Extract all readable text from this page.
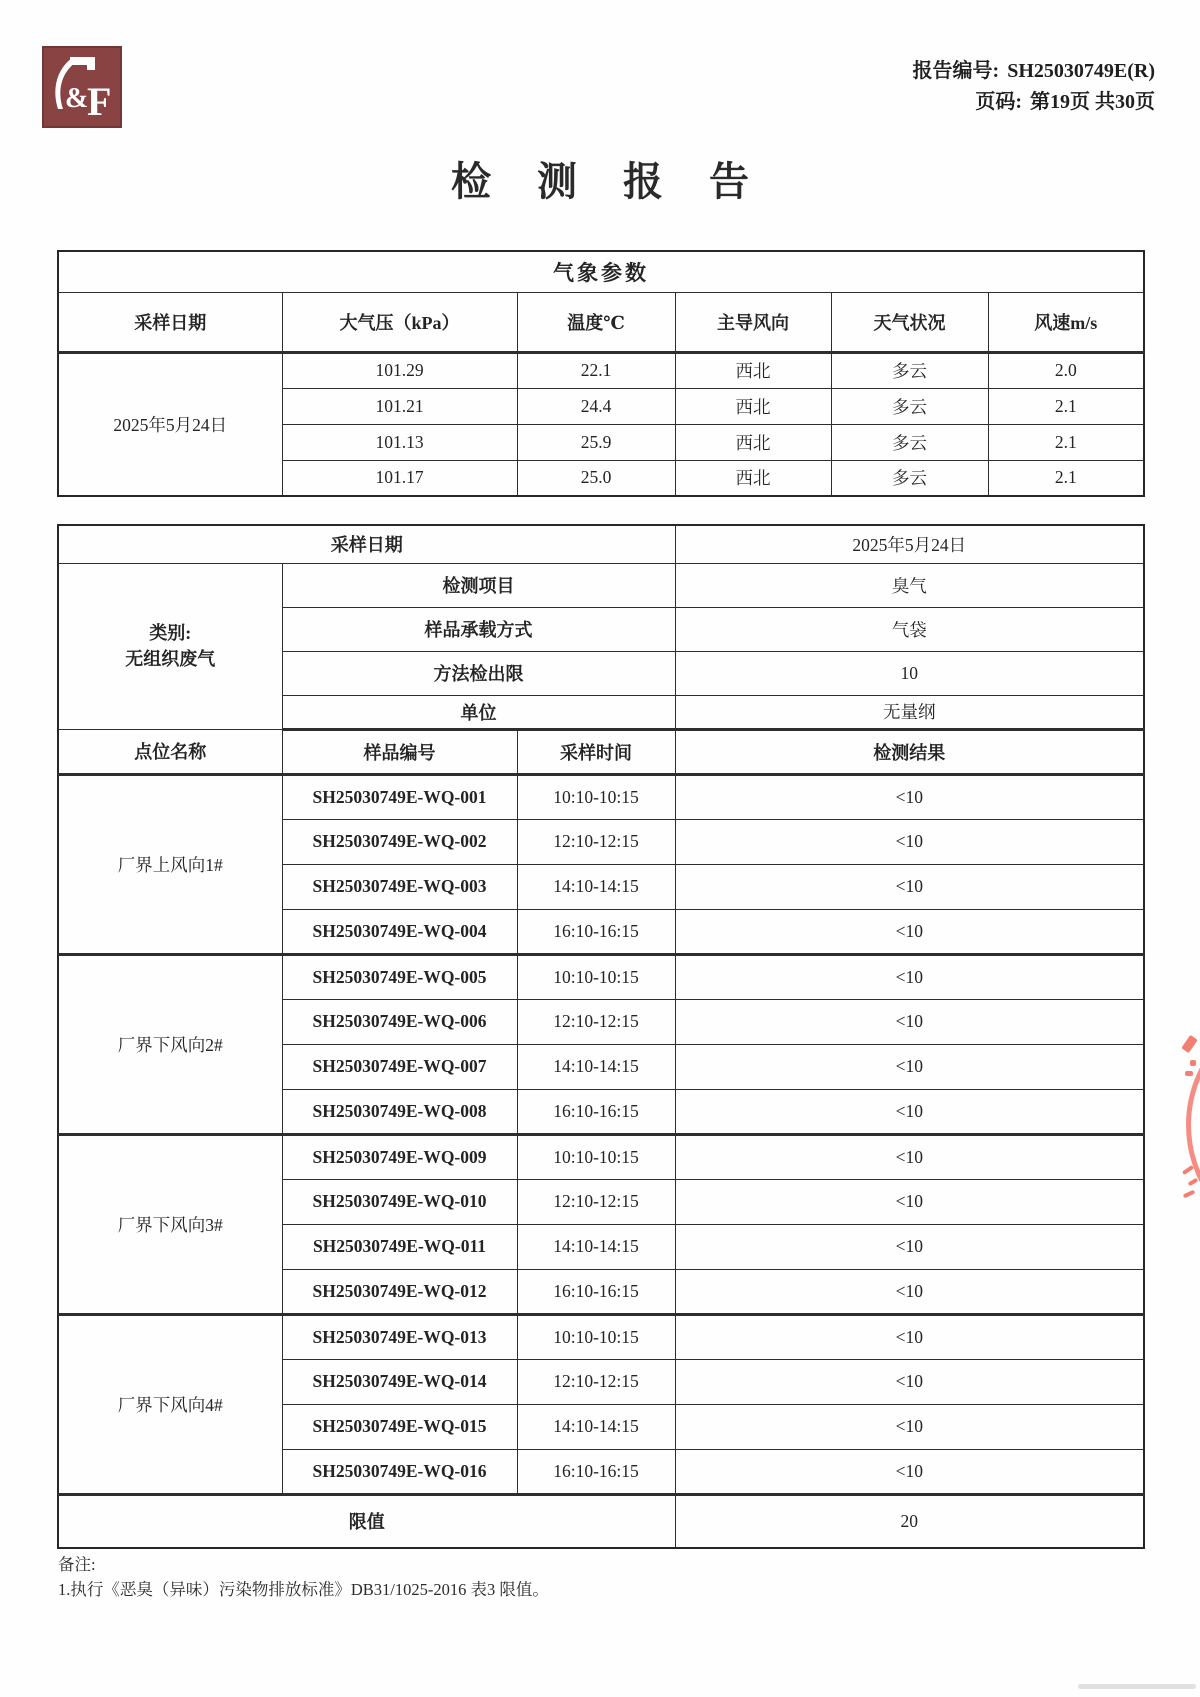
&
F
报告编号: SH25030749E(R)
页码: 第19页 共30页
检 测 报 告
气象参数					
采样日期	大气压（kPa）	温度℃	主导风向	天气状况	风速m/s
2025年5月24日	101.29	22.1	西北	多云	2.0
	101.21	24.4	西北	多云	2.1
	101.13	25.9	西北	多云	2.1
	101.17	25.0	西北	多云	2.1
采样日期			2025年5月24日

类别:
无组织废气	检测项目		臭气
	样品承载方式		气袋
	方法检出限		10
	单位		无量纲
点位名称	样品编号	采样时间	检测结果
厂界上风向1#	SH25030749E-WQ-001	10:10-10:15	<10
	SH25030749E-WQ-002	12:10-12:15	<10
	SH25030749E-WQ-003	14:10-14:15	<10
	SH25030749E-WQ-004	16:10-16:15	<10
厂界下风向2#	SH25030749E-WQ-005	10:10-10:15	<10
	SH25030749E-WQ-006	12:10-12:15	<10
	SH25030749E-WQ-007	14:10-14:15	<10
	SH25030749E-WQ-008	16:10-16:15	<10
厂界下风向3#	SH25030749E-WQ-009	10:10-10:15	<10
	SH25030749E-WQ-010	12:10-12:15	<10
	SH25030749E-WQ-011	14:10-14:15	<10
	SH25030749E-WQ-012	16:10-16:15	<10
厂界下风向4#	SH25030749E-WQ-013	10:10-10:15	<10
	SH25030749E-WQ-014	12:10-12:15	<10
	SH25030749E-WQ-015	14:10-14:15	<10
	SH25030749E-WQ-016	16:10-16:15	<10
限值			20
备注:
1.执行《恶臭（异味）污染物排放标准》DB31/1025-2016 表3 限值。
